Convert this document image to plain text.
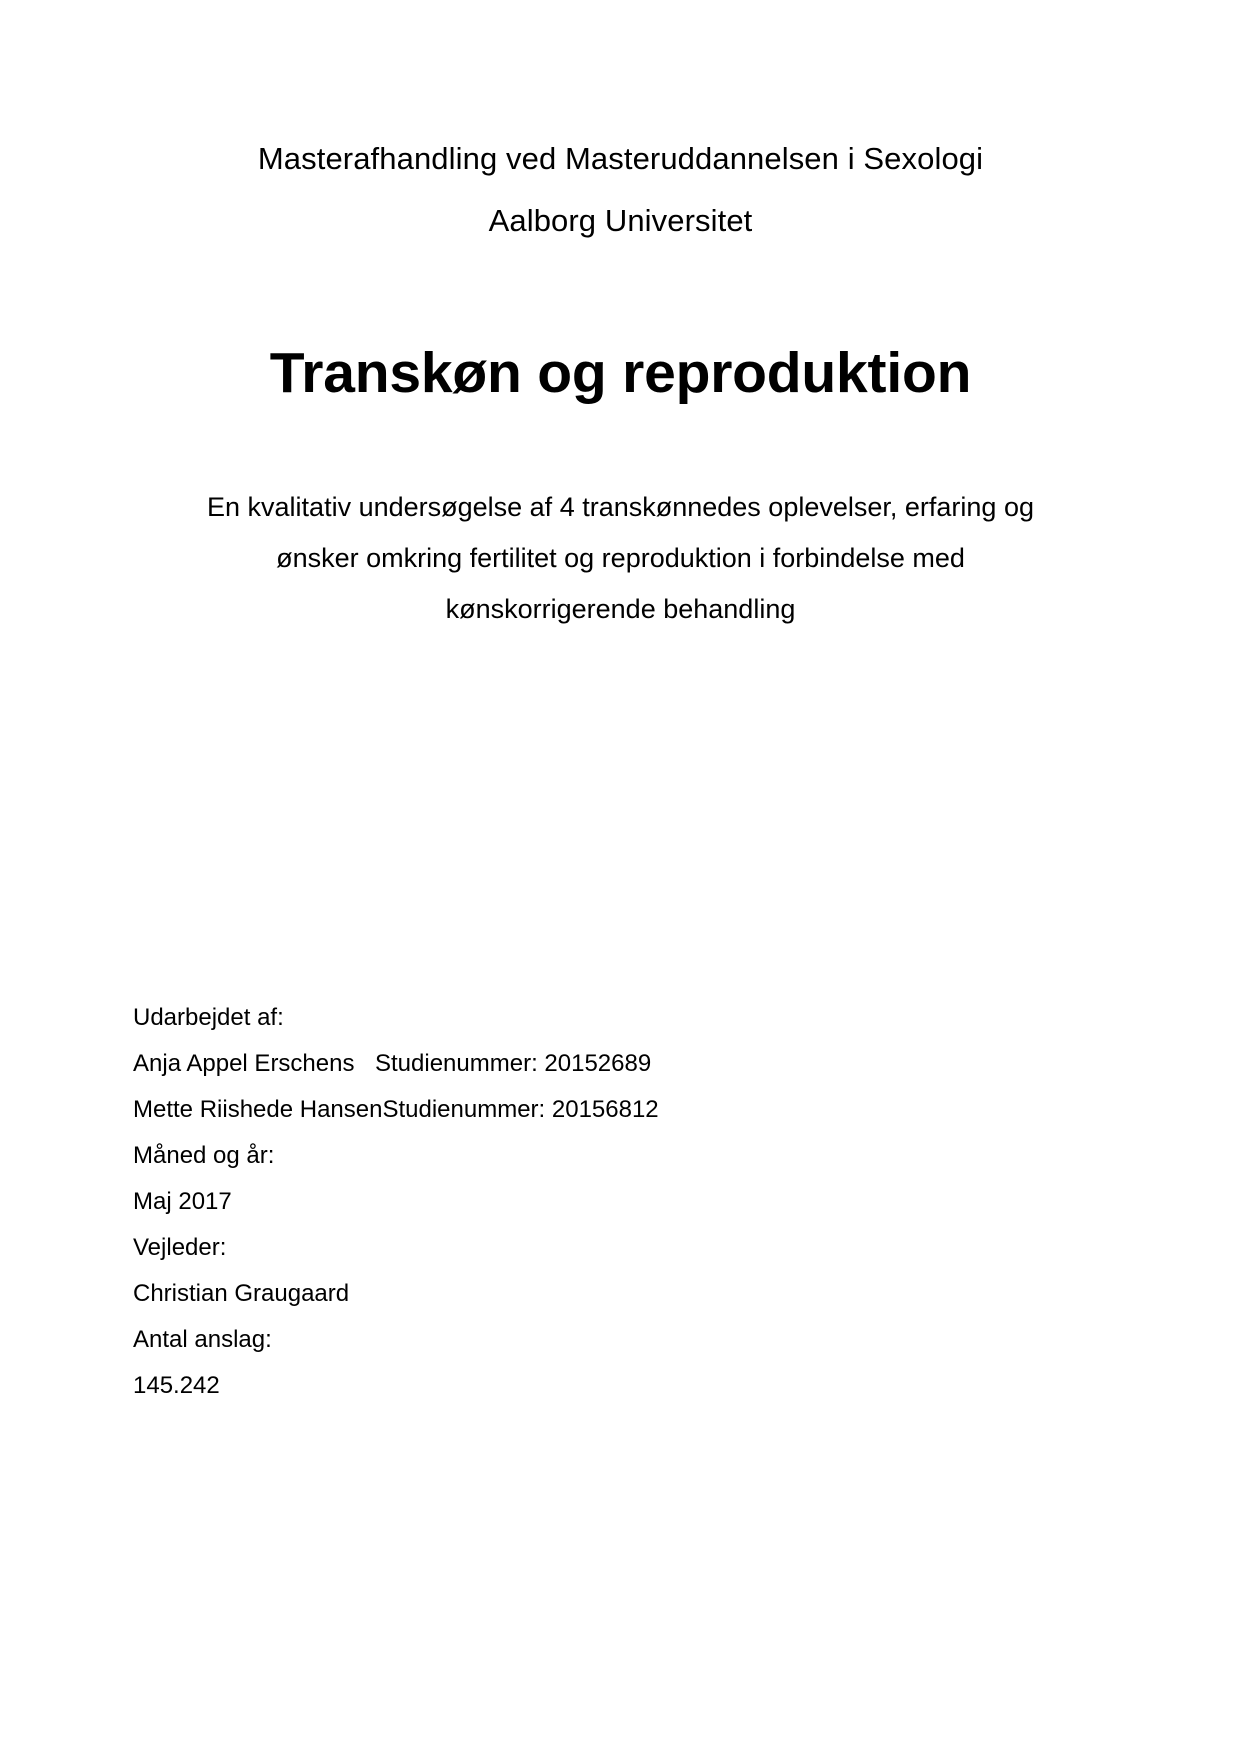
Masterafhandling ved Masteruddannelsen i Sexologi
Aalborg Universitet
Transkøn og reproduktion
En kvalitativ undersøgelse af 4 transkønnedes oplevelser, erfaring og
ønsker omkring fertilitet og reproduktion i forbindelse med
kønskorrigerende behandling
Udarbejdet af:
Anja Appel Erschens Studienummer: 20152689
Mette Riishede Hansen Studienummer: 20156812
Måned og år:
Maj 2017
Vejleder:
Christian Graugaard
Antal anslag:
145.242
